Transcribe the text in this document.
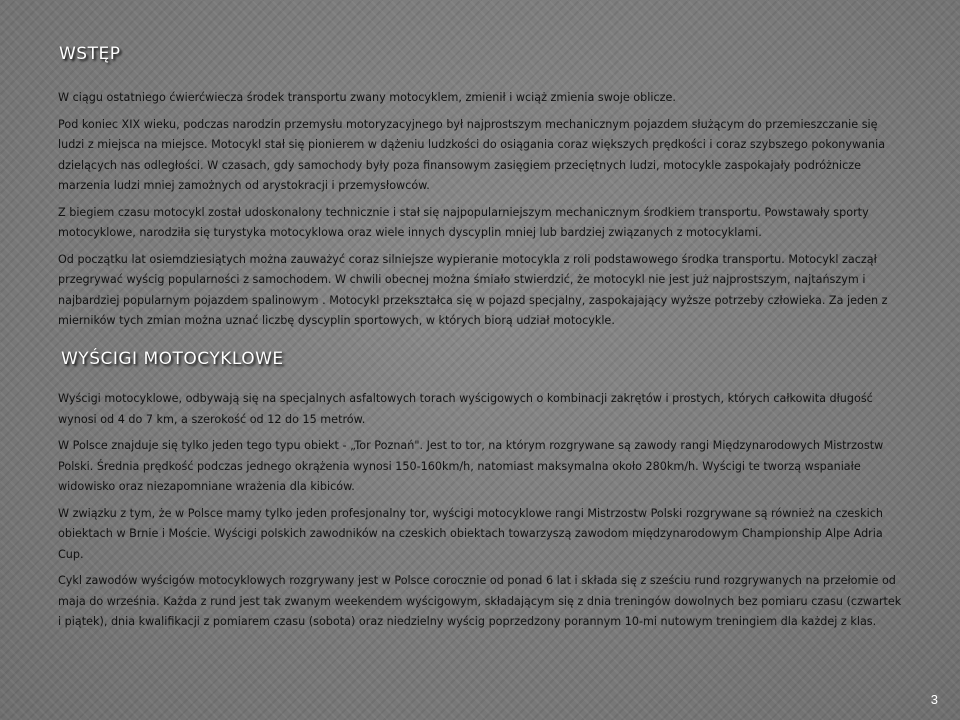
WSTĘP

W ciągu ostatniego ćwierćwiecza środek transportu zwany motocyklem, zmienił i wciąż zmienia swoje oblicze.

Pod koniec XIX wieku, podczas narodzin przemysłu motoryzacyjnego był najprostszym mechanicznym pojazdem służącym do przemieszczanie się ludzi z miejsca na miejsce. Motocykl stał się pionierem w dążeniu ludzkości do osiągania coraz większych prędkości i coraz szybszego pokonywania dzielących nas odległości. W czasach, gdy samochody były poza finansowym zasięgiem przeciętnych ludzi, motocykle zaspokajały podróżnicze marzenia ludzi mniej zamożnych od arystokracji i przemysłowców.

Z biegiem czasu motocykl został udoskonalony technicznie i stał się najpopularniejszym mechanicznym środkiem transportu. Powstawały sporty motocyklowe, narodziła się turystyka motocyklowa oraz wiele innych dyscyplin mniej lub bardziej związanych z motocyklami.

Od początku lat osiemdziesiątych można zauważyć coraz silniejsze wypieranie motocykla z roli podstawowego środka transportu. Motocykl zaczął przegrywać wyścig popularności z samochodem. W chwili obecnej można śmiało stwierdzić, że motocykl nie jest już najprostszym, najtańszym i najbardziej popularnym pojazdem spalinowym . Motocykl przekształca się w pojazd specjalny, zaspokajający wyższe potrzeby człowieka. Za jeden z mierników tych zmian można uznać liczbę dyscyplin sportowych, w których biorą udział motocykle.

WYŚCIGI MOTOCYKLOWE

Wyścigi motocyklowe, odbywają się na specjalnych asfaltowych torach wyścigowych o kombinacji zakrętów i prostych, których całkowita długość wynosi od 4 do 7 km, a szerokość od 12 do 15 metrów.

W Polsce znajduje się tylko jeden tego typu obiekt - „Tor Poznań". Jest to tor, na którym rozgrywane są zawody rangi Międzynarodowych Mistrzostw Polski. Średnia prędkość podczas jednego okrążenia wynosi 150-160km/h, natomiast maksymalna około 280km/h. Wyścigi te tworzą wspaniałe widowisko oraz niezapomniane wrażenia dla kibiców.

W związku z tym, że w Polsce mamy tylko jeden profesjonalny tor, wyścigi motocyklowe rangi Mistrzostw Polski rozgrywane są również na czeskich obiektach w Brnie i Moście. Wyścigi polskich zawodników na czeskich obiektach towarzyszą zawodom międzynarodowym Championship Alpe Adria Cup.

Cykl zawodów wyścigów motocyklowych rozgrywany jest w Polsce corocznie od ponad 6 lat i składa się z sześciu rund rozgrywanych na przełomie od maja do września. Każda z rund jest tak zwanym weekendem wyścigowym, składającym się z dnia treningów dowolnych bez pomiaru czasu (czwartek i piątek), dnia kwalifikacji z pomiarem czasu (sobota) oraz niedzielny wyścig poprzedzony porannym 10-mi nutowym treningiem dla każdej z klas.

3
